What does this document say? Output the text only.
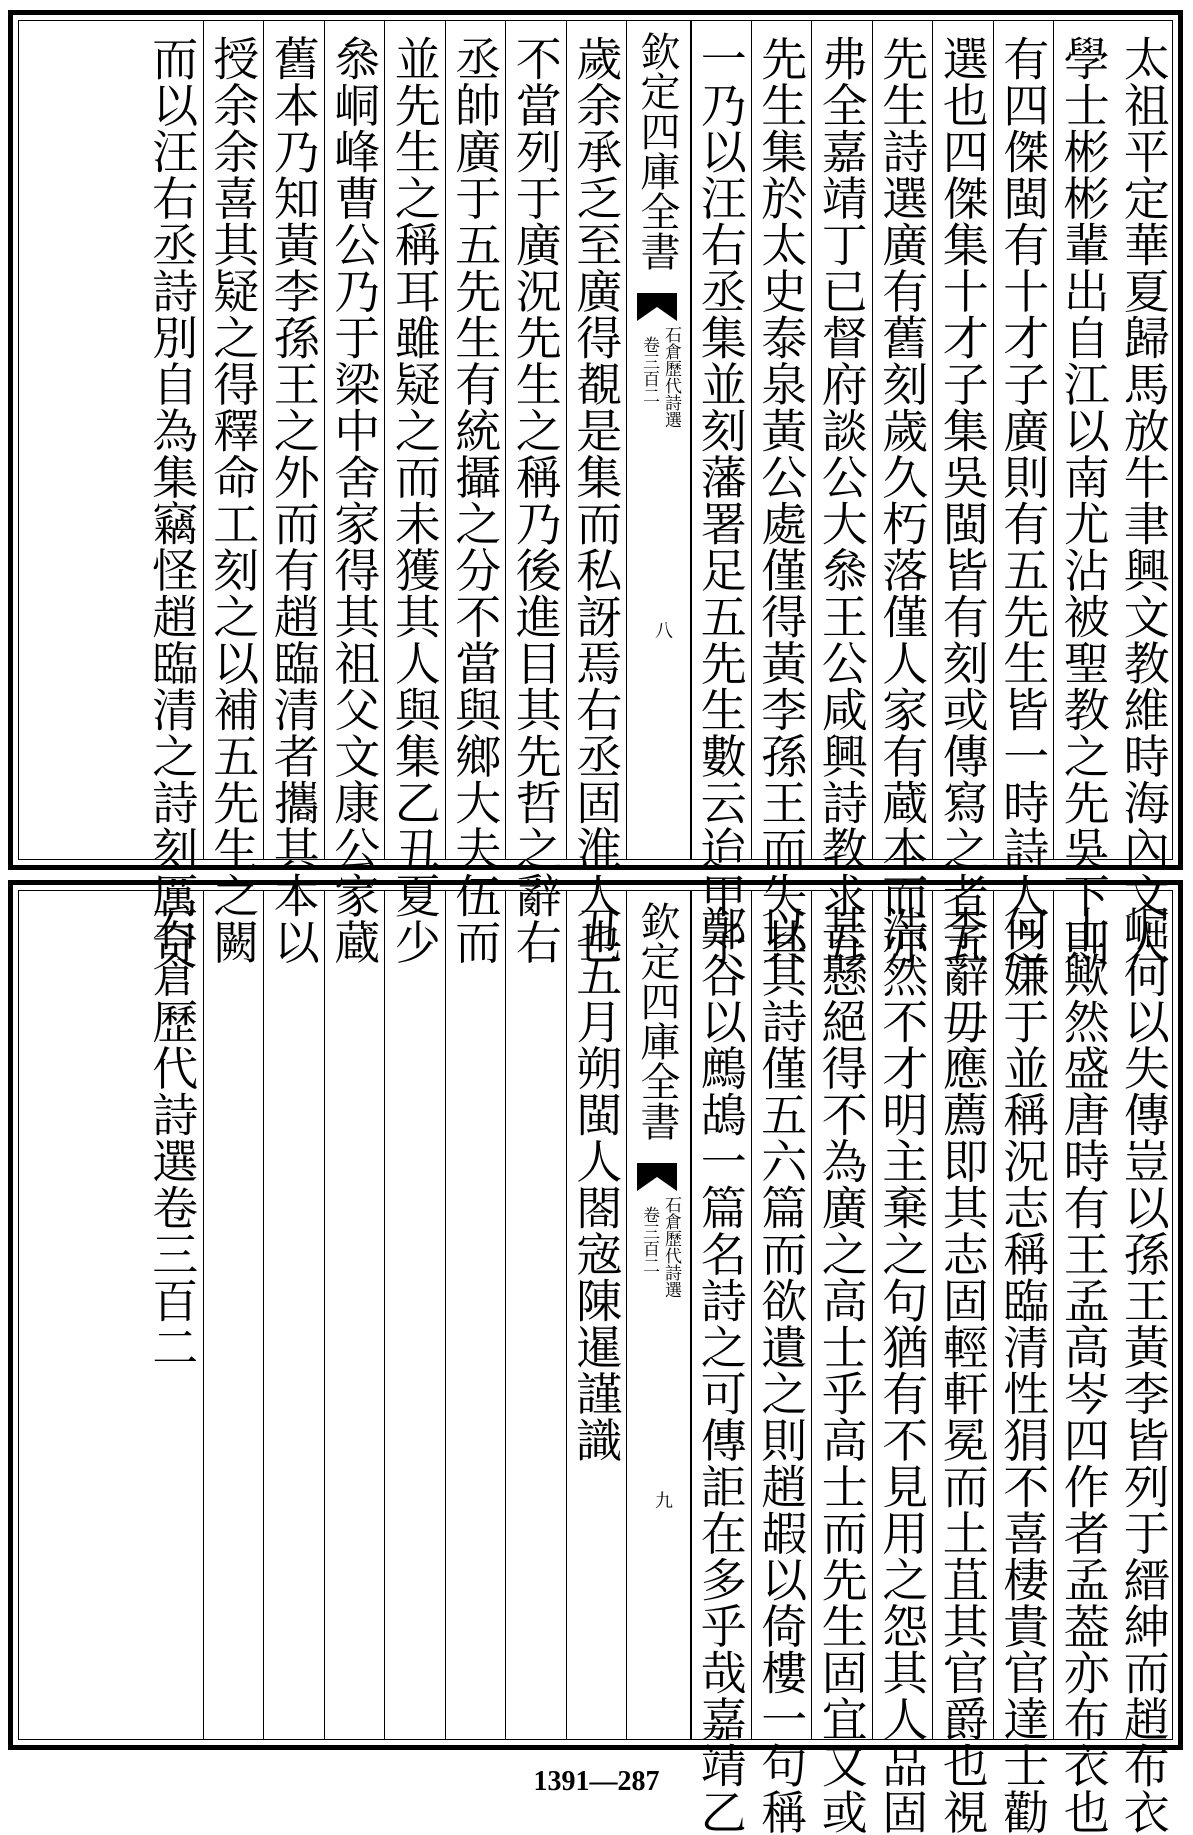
太祖平定華夏歸馬放牛聿興文教維時海內文人
學士彬彬輩出自江以南尤沾被聖教之先吳下則
有四傑閩有十才子廣則有五先生皆一時詩人之
選也四傑集十才子集吳閩皆有刻或傳寫之者五
先生詩選廣有舊刻歲久朽落僅人家有蔵本而亦
弗全嘉靖丁已督府談公大叅王公咸興詩教求五
先生集於太史泰泉黃公處僅得黃李孫王而失其
一乃以汪右丞集並刻藩署足五先生數云迨甲子
欽定四庫全書
石倉歷代詩選
卷三百二
八
歲余承乏至廣得覩是集而私訝焉右丞固淮人也
不當列于廣況先生之稱乃後進目其先哲之辭右
丞帥廣于五先生有統攝之分不當與鄉大夫伍而
並先生之稱耳雖疑之而未獲其人與集乙丑夏少
叅峒峰曹公乃于梁中舍家得其祖父文康公家蔵
舊本乃知黃李孫王之外而有趙臨清者攜其本以
授余余喜其疑之得釋命工刻之以補五先生之闕
而以汪右丞詩別自為集竊怪趙臨清之詩刻厲奇
崛何以失傳豈以孫王黃李皆列于縉紳而趙布衣
士歟然盛唐時有王孟高岑四作者孟葢亦布衣也
何嫌于並稱況志稱臨清性狷不喜棲貴官達士勸
李辭毋應薦即其志固輕軒冕而土苴其官爵也視
浩然不才明主棄之句猶有不見用之怨其人品固
甚懸絕得不為廣之高士乎高士而先生固宜又或
以其詩僅五六篇而欲遺之則趙嘏以倚樓一句稱
鄭谷以鷓鴣一篇名詩之可傳詎在多乎哉嘉靖乙
欽定四庫全書
石倉歷代詩選
卷三百二
九
丑五月朔閩人閤宼陳暹謹識
石倉歷代詩選卷三百二
1391—287
